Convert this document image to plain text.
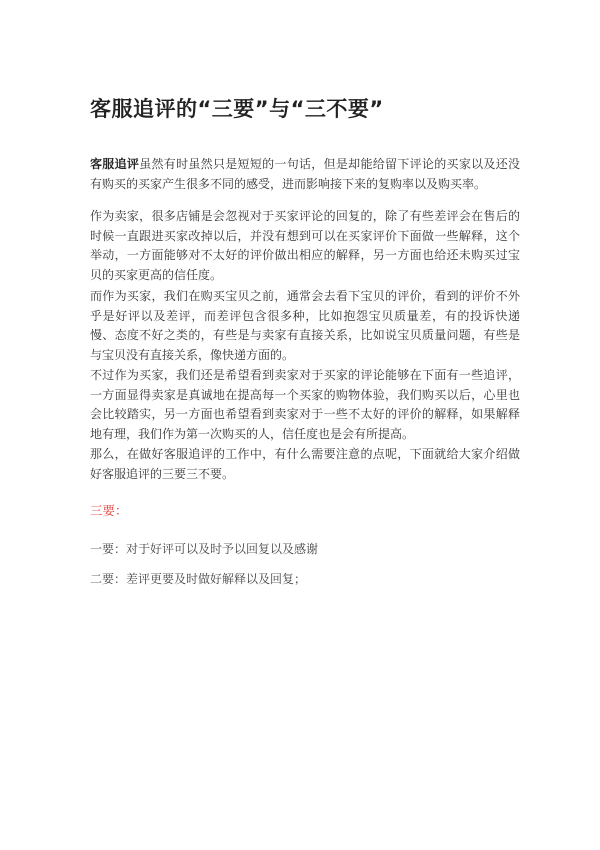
客服追评的“三要”与“三不要”

客服追评虽然有时虽然只是短短的一句话，但是却能给留下评论的买家以及还没有购买的买家产生很多不同的感受，进而影响接下来的复购率以及购买率。

作为卖家，很多店铺是会忽视对于买家评论的回复的，除了有些差评会在售后的时候一直跟进买家改掉以后，并没有想到可以在买家评价下面做一些解释，这个举动，一方面能够对不太好的评价做出相应的解释，另一方面也给还未购买过宝贝的买家更高的信任度。

而作为买家，我们在购买宝贝之前，通常会去看下宝贝的评价，看到的评价不外乎是好评以及差评，而差评包含很多种，比如抱怨宝贝质量差，有的投诉快递慢、态度不好之类的，有些是与卖家有直接关系，比如说宝贝质量问题，有些是与宝贝没有直接关系，像快递方面的。

不过作为买家，我们还是希望看到卖家对于买家的评论能够在下面有一些追评，一方面显得卖家是真诚地在提高每一个买家的购物体验，我们购买以后，心里也会比较踏实，另一方面也希望看到卖家对于一些不太好的评价的解释，如果解释地有理，我们作为第一次购买的人，信任度也是会有所提高。

那么，在做好客服追评的工作中，有什么需要注意的点呢，下面就给大家介绍做好客服追评的三要三不要。

三要：

一要：对于好评可以及时予以回复以及感谢

二要：差评更要及时做好解释以及回复；
